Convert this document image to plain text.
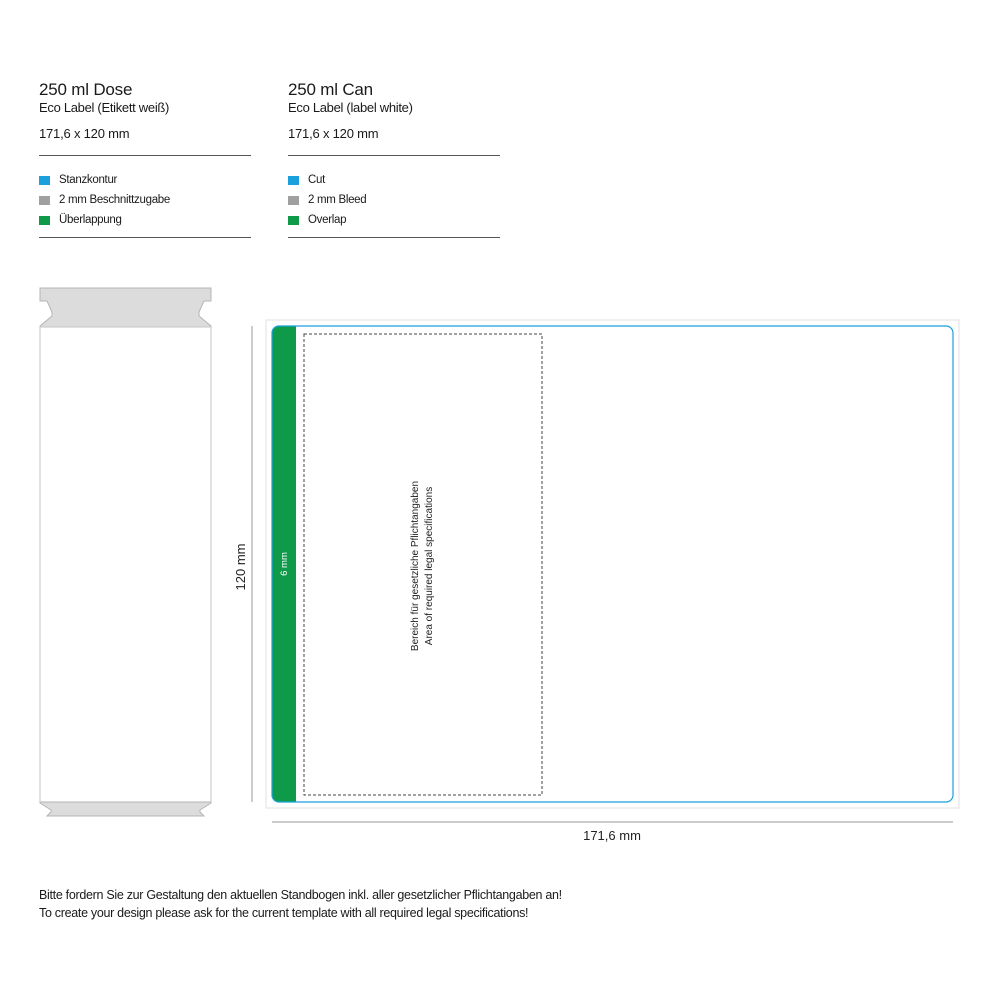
250 ml Dose
Eco Label (Etikett weiß)
171,6 x 120 mm
Stanzkontur
2 mm Beschnittzugabe
Überlappung
250 ml Can
Eco Label (label white)
171,6 x 120 mm
Cut
2 mm Bleed
Overlap
120 mm	6 mm	Bereich für gesetzliche Pflichtangaben Area of required legal specifications
171,6 mm
Bitte fordern Sie zur Gestaltung den aktuellen Standbogen inkl. aller gesetzlicher Pflichtangaben an!
To create your design please ask for the current template with all required legal specifications!
